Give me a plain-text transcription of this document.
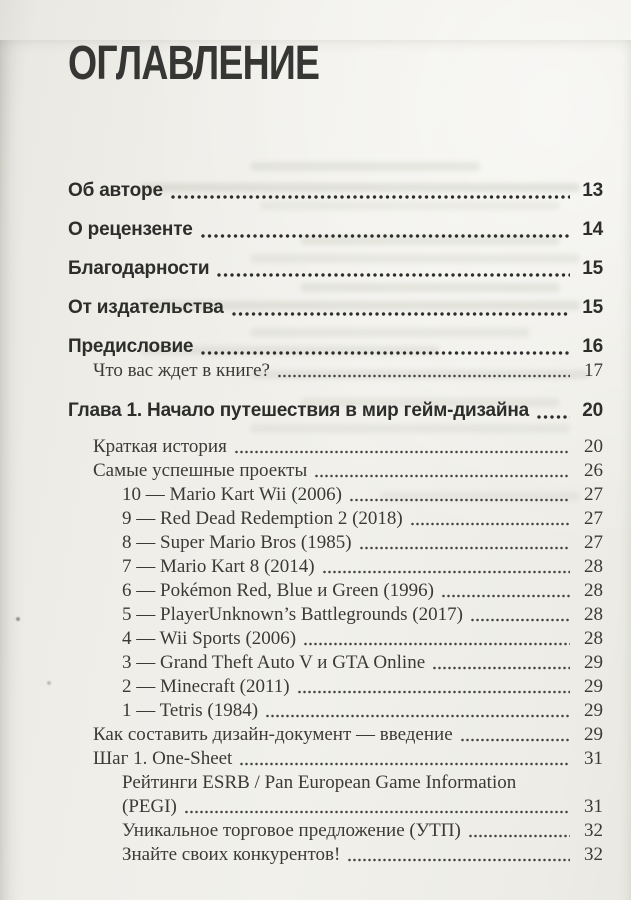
ОГЛАВЛЕНИЕ
Об авторе	13
О рецензенте	14
Благодарности	15
От издательства	15
Предисловие	16
Что вас ждет в книге?	17
Глава 1. Начало путешествия в мир гейм-дизайна	20
Краткая история	20
Самые успешные проекты	26
10 — Mario Kart Wii (2006)	27
9 — Red Dead Redemption 2 (2018)	27
8 — Super Mario Bros (1985)	27
7 — Mario Kart 8 (2014)	28
6 — Pokémon Red, Blue и Green (1996)	28
5 — PlayerUnknown’s Battlegrounds (2017)	28
4 — Wii Sports (2006)	28
3 — Grand Theft Auto V и GTA Online	29
2 — Minecraft (2011)	29
1 — Tetris (1984)	29
Как составить дизайн-документ — введение	29
Шаг 1. One-Sheet	31
Рейтинги ESRB / Pan European Game Information
(PEGI)	31
Уникальное торговое предложение (УТП)	32
Знайте своих конкурентов!	32
